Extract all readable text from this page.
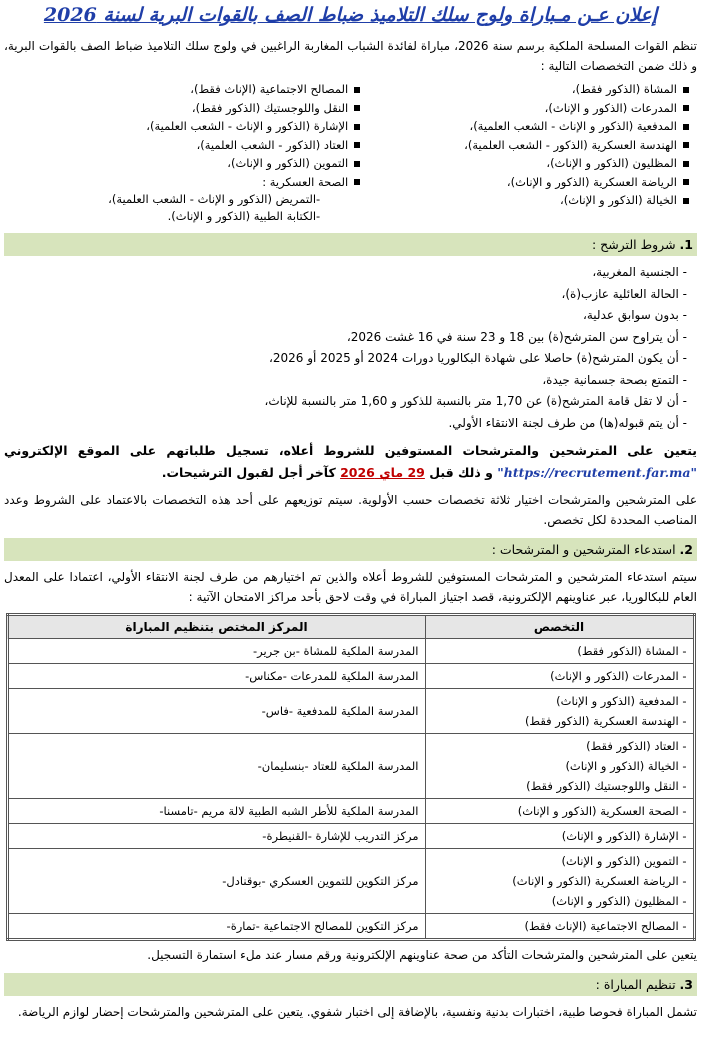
إعلان عـن مـباراة ولوج سلك التلاميذ ضباط الصف بالقوات البرية لسنة 2026

تنظم القوات المسلحة الملكية برسم سنة 2026، مباراة لفائدة الشباب المغاربة الراغبين في ولوج سلك التلاميذ ضباط الصف بالقوات البرية، و ذلك ضمن التخصصات التالية :

المشاة (الذكور فقط)،
المدرعات (الذكور و الإناث)،
المدفعية (الذكور و الإناث - الشعب العلمية)،
الهندسة العسكرية (الذكور - الشعب العلمية)،
المظليون (الذكور و الإناث)،
الرياضة العسكرية (الذكور و الإناث)،
الخيالة (الذكور و الإناث)،
المصالح الاجتماعية (الإناث فقط)،
النقل واللوجستيك (الذكور فقط)،
الإشارة (الذكور و الإناث - الشعب العلمية)،
العتاد (الذكور - الشعب العلمية)،
التموين (الذكور و الإناث)،
الصحة العسكرية :
-التمريض (الذكور و الإناث - الشعب العلمية)،
-الكتابة الطبية (الذكور و الإناث).
1. شروط الترشح :
- الجنسية المغربية،
- الحالة العائلية عازب(ة)،
- بدون سوابق عدلية،
- أن يتراوح سن المترشح(ة) بين 18 و 23 سنة في 16 غشت 2026،
- أن يكون المترشح(ة) حاصلا على شهادة البكالوريا دورات 2024 أو 2025 أو 2026،
- التمتع بصحة جسمانية جيدة،
- أن لا تقل قامة المترشح(ة) عن 1,70 متر بالنسبة للذكور و 1,60 متر بالنسبة للإناث،
- أن يتم قبوله(ها) من طرف لجنة الانتقاء الأولي.

يتعين على المترشحين والمترشحات المستوفين للشروط أعلاه، تسجيل طلباتهم على الموقع الإلكتروني "https://recrutement.far.ma" و ذلك قبل 29 ماي 2026 كآخر أجل لقبول الترشيحات.

على المترشحين والمترشحات اختيار ثلاثة تخصصات حسب الأولوية. سيتم توزيعهم على أحد هذه التخصصات بالاعتماد على الشروط وعدد المناصب المحددة لكل تخصص.

2. استدعاء المترشحين و المترشحات :

سيتم استدعاء المترشحين و المترشحات المستوفين للشروط أعلاه والذين تم اختيارهم من طرف لجنة الانتقاء الأولي، اعتمادا على المعدل العام للبكالوريا، عبر عناوينهم الإلكترونية، قصد اجتياز المباراة في وقت لاحق بأحد مراكز الامتحان الآتية :

التخصص	المركز المختص بتنظيم المباراة

- المشاة (الذكور فقط)	المدرسة الملكية للمشاة -بن جرير-

- المدرعات (الذكور و الإناث)	المدرسة الملكية للمدرعات -مكناس-

- المدفعية (الذكور و الإناث)
- الهندسة العسكرية (الذكور فقط)	المدرسة الملكية للمدفعية -فاس-

- العتاد (الذكور فقط)
- الخيالة (الذكور و الإناث)
- النقل واللوجستيك (الذكور فقط)	المدرسة الملكية للعتاد -بنسليمان-

- الصحة العسكرية (الذكور و الإناث)	المدرسة الملكية للأطر الشبه الطبية لالة مريم -تامسنا-

- الإشارة (الذكور و الإناث)	مركز التدريب للإشارة -القنيطرة-

- التموين (الذكور و الإناث)
- الرياضة العسكرية (الذكور و الإناث)
- المظليون (الذكور و الإناث)	مركز التكوين للتموين العسكري -بوقنادل-

- المصالح الاجتماعية (الإناث فقط)	مركز التكوين للمصالح الاجتماعية -تمارة-

يتعين على المترشحين والمترشحات التأكد من صحة عناوينهم الإلكترونية ورقم مسار عند ملء استمارة التسجيل.

3. تنظيم المباراة :

تشمل المباراة فحوصا طبية، اختبارات بدنية ونفسية، بالإضافة إلى اختبار شفوي. يتعين على المترشحين والمترشحات إحضار لوازم الرياضة.
